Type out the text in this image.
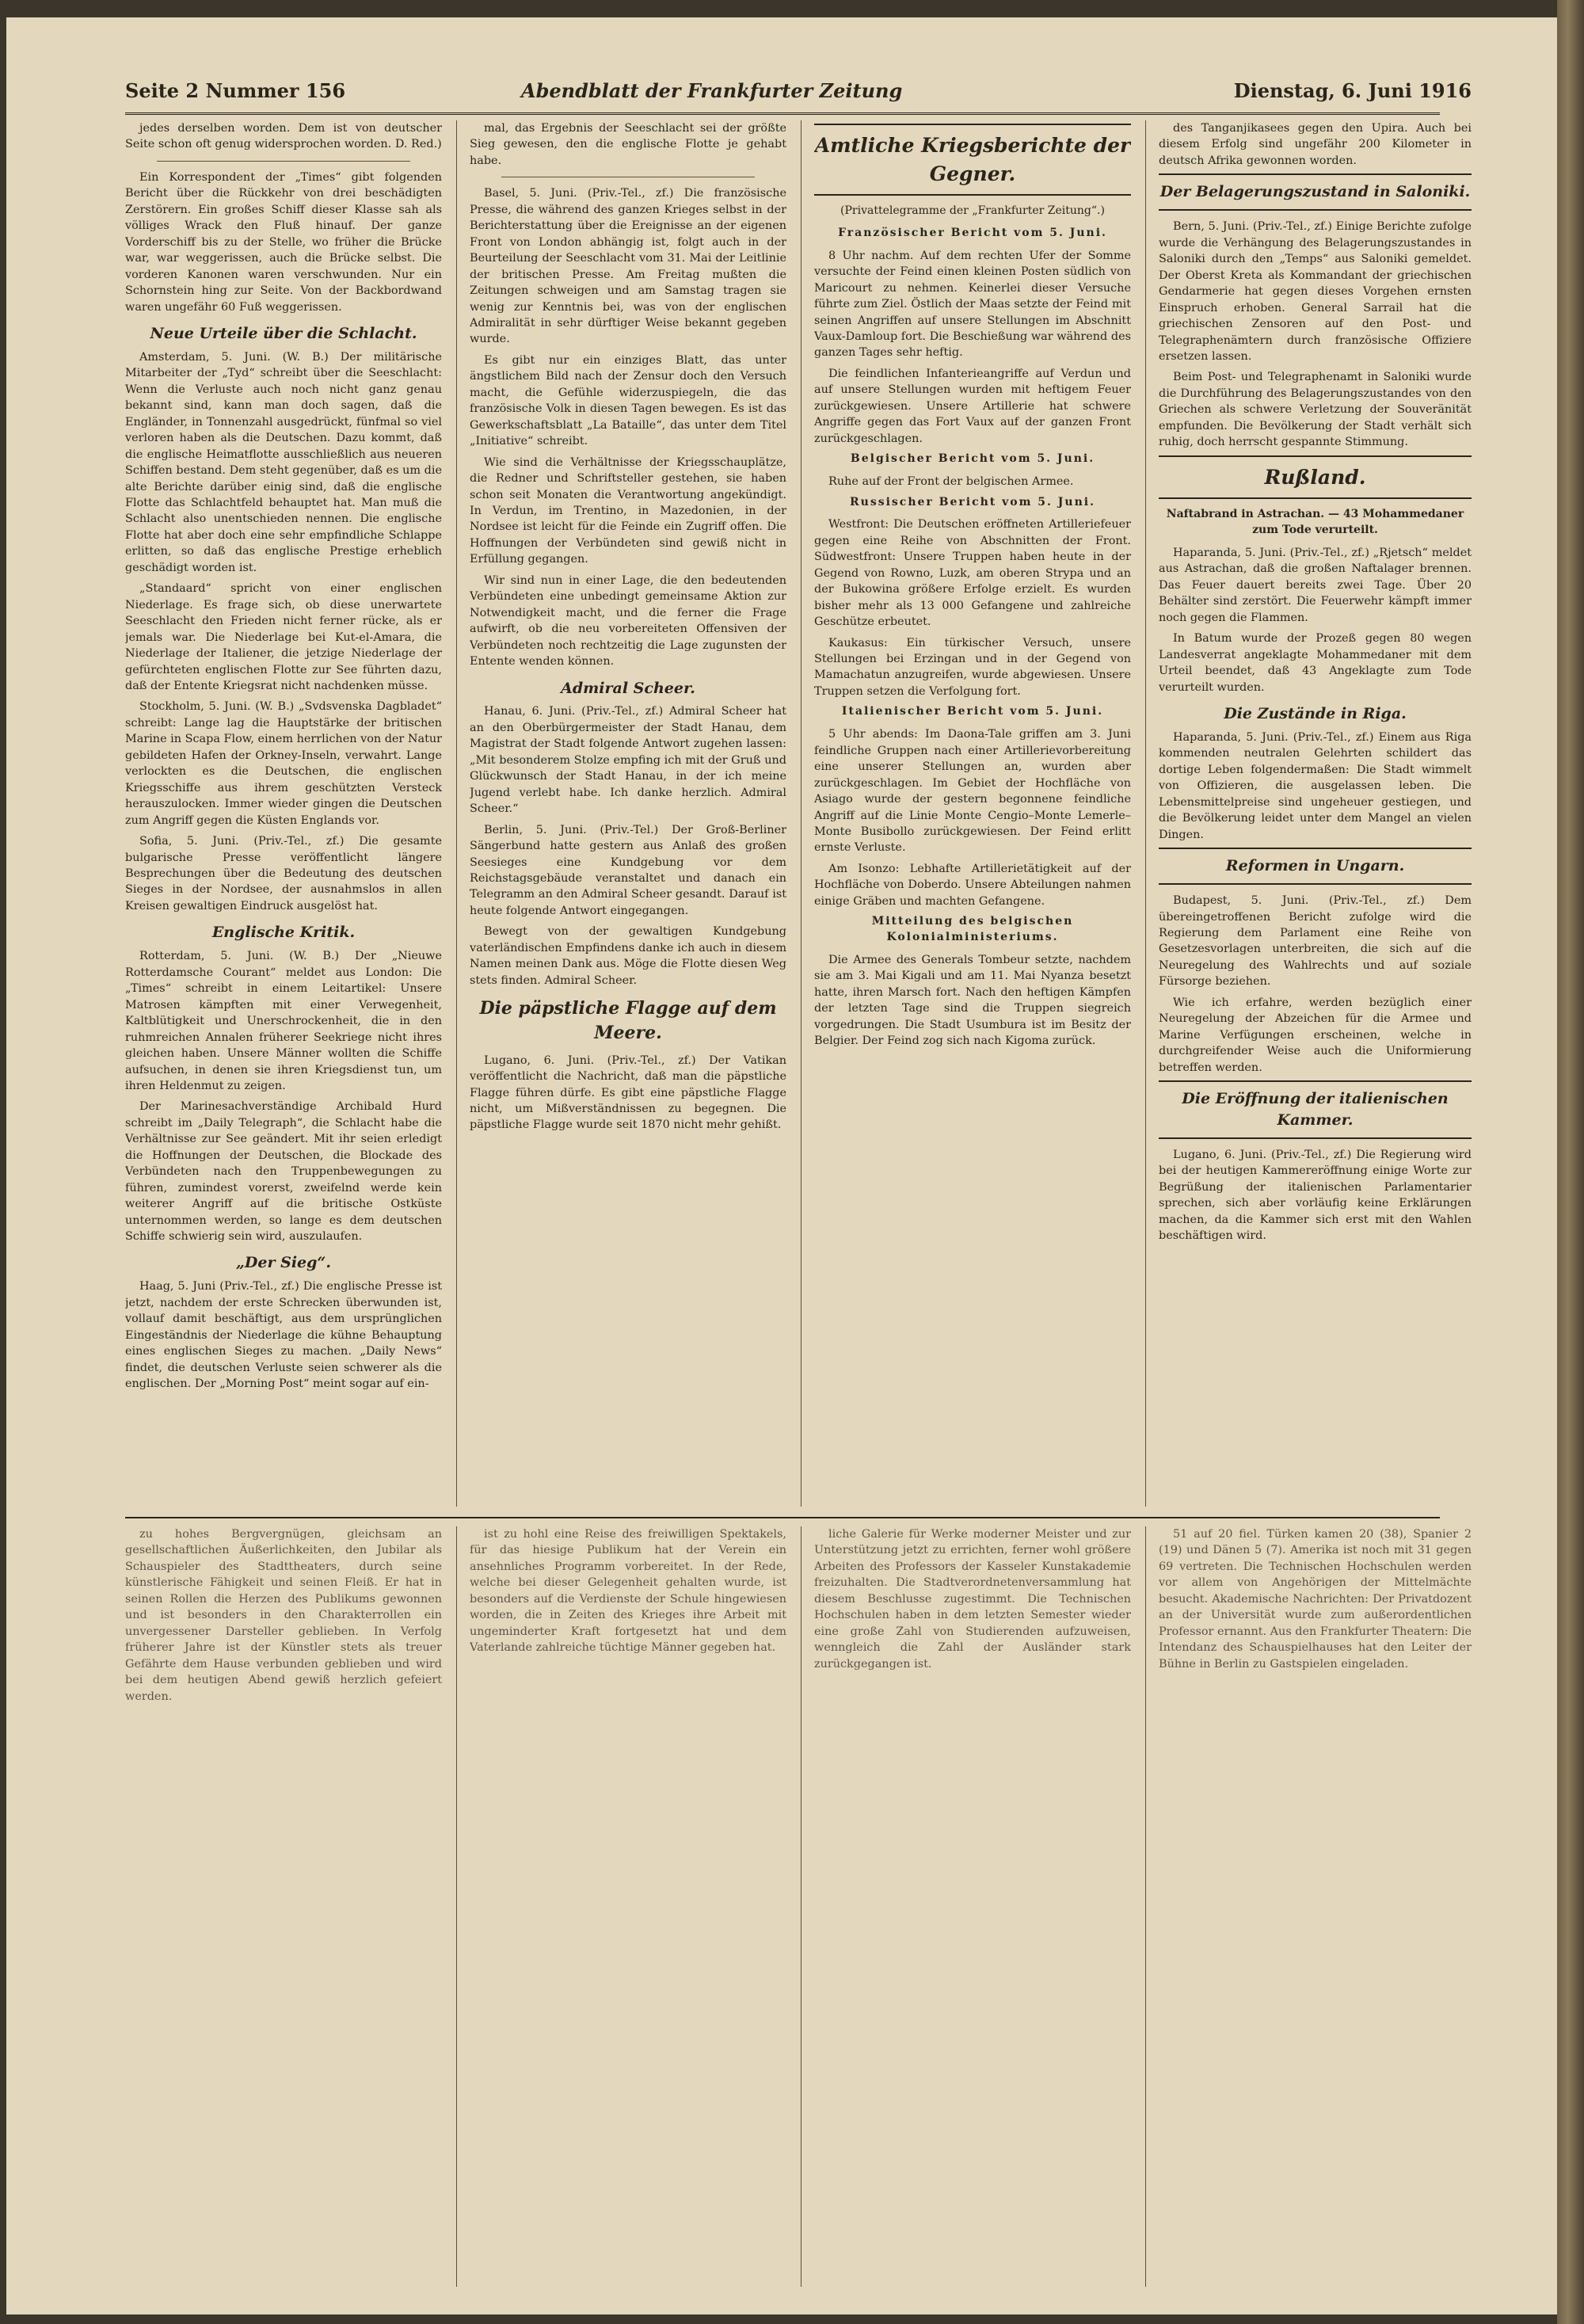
Seite 2 Nummer 156	Abendblatt der Frankfurter Zeitung	Dienstag, 6. Juni 1916

jedes derselben worden. Dem ist von deutscher Seite schon oft genug widersprochen worden. D. Red.)

Ein Korrespondent der „Times“ gibt folgenden Bericht über die Rückkehr von drei beschädigten Zerstörern. Ein großes Schiff dieser Klasse sah als völliges Wrack den Fluß hinauf. Der ganze Vorderschiff bis zu der Stelle, wo früher die Brücke war, war weggerissen, auch die Brücke selbst. Die vorderen Kanonen waren verschwunden. Nur ein Schornstein hing zur Seite. Von der Backbordwand waren ungefähr 60 Fuß weggerissen.

Neue Urteile über die Schlacht.

Amsterdam, 5. Juni. (W. B.) Der militärische Mitarbeiter der „Tyd“ schreibt über die Seeschlacht: Wenn die Verluste auch noch nicht ganz genau bekannt sind, kann man doch sagen, daß die Engländer, in Tonnenzahl ausgedrückt, fünfmal so viel verloren haben als die Deutschen. Dazu kommt, daß die englische Heimatflotte ausschließlich aus neueren Schiffen bestand. Dem steht gegenüber, daß es um die alte Berichte darüber einig sind, daß die englische Flotte das Schlachtfeld behauptet hat. Man muß die Schlacht also unentschieden nennen. Die englische Flotte hat aber doch eine sehr empfindliche Schlappe erlitten, so daß das englische Prestige erheblich geschädigt worden ist.

„Standaard“ spricht von einer englischen Niederlage. Es frage sich, ob diese unerwartete Seeschlacht den Frieden nicht ferner rücke, als er jemals war. Die Niederlage bei Kut-el-Amara, die Niederlage der Italiener, die jetzige Niederlage der gefürchteten englischen Flotte zur See führten dazu, daß der Entente Kriegsrat nicht nachdenken müsse.

Stockholm, 5. Juni. (W. B.) „Svdsvenska Dagbladet“ schreibt: Lange lag die Hauptstärke der britischen Marine in Scapa Flow, einem herrlichen von der Natur gebildeten Hafen der Orkney-Inseln, verwahrt. Lange verlockten es die Deutschen, die englischen Kriegsschiffe aus ihrem geschützten Versteck herauszulocken. Immer wieder gingen die Deutschen zum Angriff gegen die Küsten Englands vor.

Sofia, 5. Juni. (Priv.-Tel., zf.) Die gesamte bulgarische Presse veröffentlicht längere Besprechungen über die Bedeutung des deutschen Sieges in der Nordsee, der ausnahmslos in allen Kreisen gewaltigen Eindruck ausgelöst hat.

Englische Kritik.

Rotterdam, 5. Juni. (W. B.) Der „Nieuwe Rotterdamsche Courant“ meldet aus London: Die „Times“ schreibt in einem Leitartikel: Unsere Matrosen kämpften mit einer Verwegenheit, Kaltblütigkeit und Unerschrockenheit, die in den ruhmreichen Annalen früherer Seekriege nicht ihres gleichen haben. Unsere Männer wollten die Schiffe aufsuchen, in denen sie ihren Kriegsdienst tun, um ihren Heldenmut zu zeigen.

Der Marinesachverständige Archibald Hurd schreibt im „Daily Telegraph“, die Schlacht habe die Verhältnisse zur See geändert. Mit ihr seien erledigt die Hoffnungen der Deutschen, die Blockade des Verbündeten nach den Truppenbewegungen zu führen, zumindest vorerst, zweifelnd werde kein weiterer Angriff auf die britische Ostküste unternommen werden, so lange es dem deutschen Schiffe schwierig sein wird, auszulaufen.

„Der Sieg“.

Haag, 5. Juni (Priv.-Tel., zf.) Die englische Presse ist jetzt, nachdem der erste Schrecken überwunden ist, vollauf damit beschäftigt, aus dem ursprünglichen Eingeständnis der Niederlage die kühne Behauptung eines englischen Sieges zu machen. „Daily News“ findet, die deutschen Verluste seien schwerer als die englischen. Der „Morning Post“ meint sogar auf ein-

mal, das Ergebnis der Seeschlacht sei der größte Sieg gewesen, den die englische Flotte je gehabt habe.

Basel, 5. Juni. (Priv.-Tel., zf.) Die französische Presse, die während des ganzen Krieges selbst in der Berichterstattung über die Ereignisse an der eigenen Front von London abhängig ist, folgt auch in der Beurteilung der Seeschlacht vom 31. Mai der Leitlinie der britischen Presse. Am Freitag mußten die Zeitungen schweigen und am Samstag tragen sie wenig zur Kenntnis bei, was von der englischen Admiralität in sehr dürftiger Weise bekannt gegeben wurde.

Es gibt nur ein einziges Blatt, das unter ängstlichem Bild nach der Zensur doch den Versuch macht, die Gefühle widerzuspiegeln, die das französische Volk in diesen Tagen bewegen. Es ist das Gewerkschaftsblatt „La Bataille“, das unter dem Titel „Initiative“ schreibt.

Wie sind die Verhältnisse der Kriegsschauplätze, die Redner und Schriftsteller gestehen, sie haben schon seit Monaten die Verantwortung angekündigt. In Verdun, im Trentino, in Mazedonien, in der Nordsee ist leicht für die Feinde ein Zugriff offen. Die Hoffnungen der Verbündeten sind gewiß nicht in Erfüllung gegangen.

Wir sind nun in einer Lage, die den bedeutenden Verbündeten eine unbedingt gemeinsame Aktion zur Notwendigkeit macht, und die ferner die Frage aufwirft, ob die neu vorbereiteten Offensiven der Verbündeten noch rechtzeitig die Lage zugunsten der Entente wenden können.

Admiral Scheer.

Hanau, 6. Juni. (Priv.-Tel., zf.) Admiral Scheer hat an den Oberbürgermeister der Stadt Hanau, dem Magistrat der Stadt folgende Antwort zugehen lassen: „Mit besonderem Stolze empfing ich mit der Gruß und Glückwunsch der Stadt Hanau, in der ich meine Jugend verlebt habe. Ich danke herzlich. Admiral Scheer.“

Berlin, 5. Juni. (Priv.-Tel.) Der Groß-Berliner Sängerbund hatte gestern aus Anlaß des großen Seesieges eine Kundgebung vor dem Reichstagsgebäude veranstaltet und danach ein Telegramm an den Admiral Scheer gesandt. Darauf ist heute folgende Antwort eingegangen.

Bewegt von der gewaltigen Kundgebung vaterländischen Empfindens danke ich auch in diesem Namen meinen Dank aus. Möge die Flotte diesen Weg stets finden. Admiral Scheer.

Die päpstliche Flagge auf dem Meere.

Lugano, 6. Juni. (Priv.-Tel., zf.) Der Vatikan veröffentlicht die Nachricht, daß man die päpstliche Flagge führen dürfe. Es gibt eine päpstliche Flagge nicht, um Mißverständnissen zu begegnen. Die päpstliche Flagge wurde seit 1870 nicht mehr gehißt.

Amtliche Kriegsberichte der Gegner.
(Privattelegramme der „Frankfurter Zeitung“.)
Französischer Bericht vom 5. Juni.

8 Uhr nachm. Auf dem rechten Ufer der Somme versuchte der Feind einen kleinen Posten südlich von Maricourt zu nehmen. Keinerlei dieser Versuche führte zum Ziel. Östlich der Maas setzte der Feind mit seinen Angriffen auf unsere Stellungen im Abschnitt Vaux-Damloup fort. Die Beschießung war während des ganzen Tages sehr heftig.

Die feindlichen Infanterieangriffe auf Verdun und auf unsere Stellungen wurden mit heftigem Feuer zurückgewiesen. Unsere Artillerie hat schwere Angriffe gegen das Fort Vaux auf der ganzen Front zurückgeschlagen.

Belgischer Bericht vom 5. Juni.

Ruhe auf der Front der belgischen Armee.

Russischer Bericht vom 5. Juni.

Westfront: Die Deutschen eröffneten Artilleriefeuer gegen eine Reihe von Abschnitten der Front. Südwestfront: Unsere Truppen haben heute in der Gegend von Rowno, Luzk, am oberen Strypa und an der Bukowina größere Erfolge erzielt. Es wurden bisher mehr als 13 000 Gefangene und zahlreiche Geschütze erbeutet.

Kaukasus: Ein türkischer Versuch, unsere Stellungen bei Erzingan und in der Gegend von Mamachatun anzugreifen, wurde abgewiesen. Unsere Truppen setzen die Verfolgung fort.

Italienischer Bericht vom 5. Juni.

5 Uhr abends: Im Daona-Tale griffen am 3. Juni feindliche Gruppen nach einer Artillerievorbereitung eine unserer Stellungen an, wurden aber zurückgeschlagen. Im Gebiet der Hochfläche von Asiago wurde der gestern begonnene feindliche Angriff auf die Linie Monte Cengio–Monte Lemerle–Monte Busibollo zurückgewiesen. Der Feind erlitt ernste Verluste.

Am Isonzo: Lebhafte Artillerietätigkeit auf der Hochfläche von Doberdo. Unsere Abteilungen nahmen einige Gräben und machten Gefangene.

Mitteilung des belgischen Kolonialministeriums.

Die Armee des Generals Tombeur setzte, nachdem sie am 3. Mai Kigali und am 11. Mai Nyanza besetzt hatte, ihren Marsch fort. Nach den heftigen Kämpfen der letzten Tage sind die Truppen siegreich vorgedrungen. Die Stadt Usumbura ist im Besitz der Belgier. Der Feind zog sich nach Kigoma zurück.

des Tanganjikasees gegen den Upira. Auch bei diesem Erfolg sind ungefähr 200 Kilometer in deutsch Afrika gewonnen worden.

Der Belagerungszustand in Saloniki.

Bern, 5. Juni. (Priv.-Tel., zf.) Einige Berichte zufolge wurde die Verhängung des Belagerungszustandes in Saloniki durch den „Temps“ aus Saloniki gemeldet. Der Oberst Kreta als Kommandant der griechischen Gendarmerie hat gegen dieses Vorgehen ernsten Einspruch erhoben. General Sarrail hat die griechischen Zensoren auf den Post- und Telegraphenämtern durch französische Offiziere ersetzen lassen.

Beim Post- und Telegraphenamt in Saloniki wurde die Durchführung des Belagerungszustandes von den Griechen als schwere Verletzung der Souveränität empfunden. Die Bevölkerung der Stadt verhält sich ruhig, doch herrscht gespannte Stimmung.

Rußland.
Naftabrand in Astrachan. — 43 Mohammedaner zum Tode verurteilt.

Haparanda, 5. Juni. (Priv.-Tel., zf.) „Rjetsch“ meldet aus Astrachan, daß die großen Naftalager brennen. Das Feuer dauert bereits zwei Tage. Über 20 Behälter sind zerstört. Die Feuerwehr kämpft immer noch gegen die Flammen.

In Batum wurde der Prozeß gegen 80 wegen Landesverrat angeklagte Mohammedaner mit dem Urteil beendet, daß 43 Angeklagte zum Tode verurteilt wurden.

Die Zustände in Riga.

Haparanda, 5. Juni. (Priv.-Tel., zf.) Einem aus Riga kommenden neutralen Gelehrten schildert das dortige Leben folgendermaßen: Die Stadt wimmelt von Offizieren, die ausgelassen leben. Die Lebensmittelpreise sind ungeheuer gestiegen, und die Bevölkerung leidet unter dem Mangel an vielen Dingen.

Reformen in Ungarn.

Budapest, 5. Juni. (Priv.-Tel., zf.) Dem übereingetroffenen Bericht zufolge wird die Regierung dem Parlament eine Reihe von Gesetzesvorlagen unterbreiten, die sich auf die Neuregelung des Wahlrechts und auf soziale Fürsorge beziehen.

Wie ich erfahre, werden bezüglich einer Neuregelung der Abzeichen für die Armee und Marine Verfügungen erscheinen, welche in durchgreifender Weise auch die Uniformierung betreffen werden.

Die Eröffnung der italienischen Kammer.

Lugano, 6. Juni. (Priv.-Tel., zf.) Die Regierung wird bei der heutigen Kammereröffnung einige Worte zur Begrüßung der italienischen Parlamentarier sprechen, sich aber vorläufig keine Erklärungen machen, da die Kammer sich erst mit den Wahlen beschäftigen wird.

zu hohes Bergvergnügen, gleichsam an gesellschaftlichen Äußerlichkeiten, den Jubilar als Schauspieler des Stadttheaters, durch seine künstlerische Fähigkeit und seinen Fleiß. Er hat in seinen Rollen die Herzen des Publikums gewonnen und ist besonders in den Charakterrollen ein unvergessener Darsteller geblieben. In Verfolg früherer Jahre ist der Künstler stets als treuer Gefährte dem Hause verbunden geblieben und wird bei dem heutigen Abend gewiß herzlich gefeiert werden.

ist zu hohl eine Reise des freiwilligen Spektakels, für das hiesige Publikum hat der Verein ein ansehnliches Programm vorbereitet. In der Rede, welche bei dieser Gelegenheit gehalten wurde, ist besonders auf die Verdienste der Schule hingewiesen worden, die in Zeiten des Krieges ihre Arbeit mit ungeminderter Kraft fortgesetzt hat und dem Vaterlande zahlreiche tüchtige Männer gegeben hat.

liche Galerie für Werke moderner Meister und zur Unterstützung jetzt zu errichten, ferner wohl größere Arbeiten des Professors der Kasseler Kunstakademie freizuhalten. Die Stadtverordnetenversammlung hat diesem Beschlusse zugestimmt. Die Technischen Hochschulen haben in dem letzten Semester wieder eine große Zahl von Studierenden aufzuweisen, wenngleich die Zahl der Ausländer stark zurückgegangen ist.

51 auf 20 fiel. Türken kamen 20 (38), Spanier 2 (19) und Dänen 5 (7). Amerika ist noch mit 31 gegen 69 vertreten. Die Technischen Hochschulen werden vor allem von Angehörigen der Mittelmächte besucht. Akademische Nachrichten: Der Privatdozent an der Universität wurde zum außerordentlichen Professor ernannt. Aus den Frankfurter Theatern: Die Intendanz des Schauspielhauses hat den Leiter der Bühne in Berlin zu Gastspielen eingeladen.
